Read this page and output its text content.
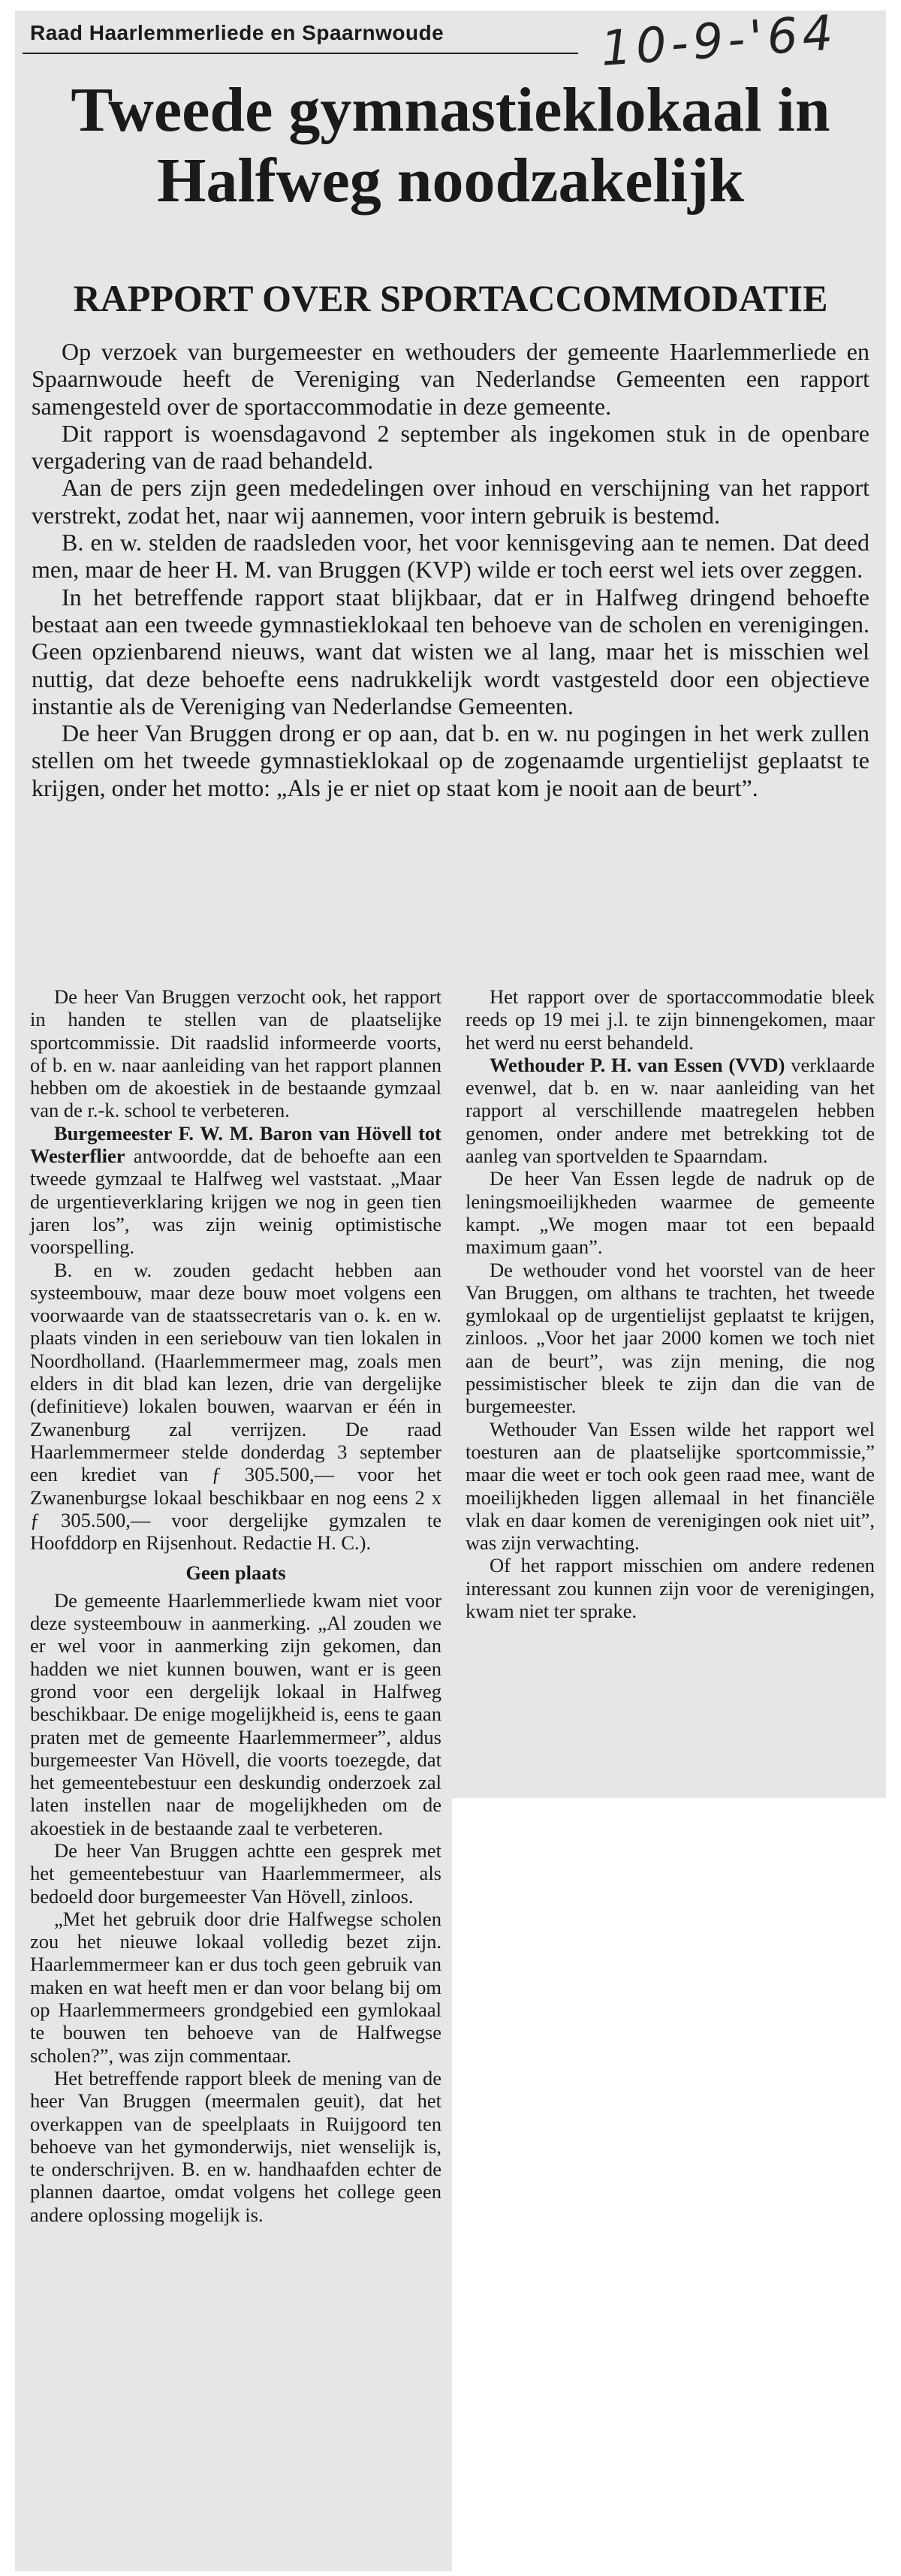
Raad Haarlemmerliede en Spaarnwoude	10-9-'64
Tweede gymnastieklokaal in Halfweg noodzakelijk
RAPPORT OVER SPORTACCOMMODATIE

Op verzoek van burgemeester en wethouders der gemeente Haarlemmerliede en Spaarnwoude heeft de Vereniging van Nederlandse Gemeenten een rapport samengesteld over de sportaccommodatie in deze gemeente.

Dit rapport is woensdagavond 2 september als ingekomen stuk in de openbare vergadering van de raad behandeld.

Aan de pers zijn geen mededelingen over inhoud en verschijning van het rapport verstrekt, zodat het, naar wij aannemen, voor intern gebruik is bestemd.

B. en w. stelden de raadsleden voor, het voor kennisgeving aan te nemen. Dat deed men, maar de heer H. M. van Bruggen (KVP) wilde er toch eerst wel iets over zeggen.

In het betreffende rapport staat blijkbaar, dat er in Halfweg dringend behoefte bestaat aan een tweede gymnastieklokaal ten behoeve van de scholen en verenigingen. Geen opzienbarend nieuws, want dat wisten we al lang, maar het is misschien wel nuttig, dat deze behoefte eens nadrukkelijk wordt vastgesteld door een objectieve instantie als de Vereniging van Nederlandse Gemeenten.

De heer Van Bruggen drong er op aan, dat b. en w. nu pogingen in het werk zullen stellen om het tweede gymnastieklokaal op de zogenaamde urgentielijst geplaatst te krijgen, onder het motto: „Als je er niet op staat kom je nooit aan de beurt”.

De heer Van Bruggen verzocht ook, het rapport in handen te stellen van de plaatselijke sportcommissie. Dit raadslid informeerde voorts, of b. en w. naar aanleiding van het rapport plannen hebben om de akoestiek in de bestaande gymzaal van de r.-k. school te verbeteren.

Burgemeester F. W. M. Baron van Hövell tot Westerflier antwoordde, dat de behoefte aan een tweede gymzaal te Halfweg wel vaststaat. „Maar de urgentieverklaring krijgen we nog in geen tien jaren los”, was zijn weinig optimistische voorspelling.

B. en w. zouden gedacht hebben aan systeembouw, maar deze bouw moet volgens een voorwaarde van de staatssecretaris van o. k. en w. plaats vinden in een seriebouw van tien lokalen in Noordholland. (Haarlemmermeer mag, zoals men elders in dit blad kan lezen, drie van dergelijke (definitieve) lokalen bouwen, waarvan er één in Zwanenburg zal verrijzen. De raad Haarlemmermeer stelde donderdag 3 september een krediet van ƒ 305.500,— voor het Zwanenburgse lokaal beschikbaar en nog eens 2 x ƒ 305.500,— voor dergelijke gymzalen te Hoofddorp en Rijsenhout. Redactie H. C.).

Geen plaats

De gemeente Haarlemmerliede kwam niet voor deze systeembouw in aanmerking. „Al zouden we er wel voor in aanmerking zijn gekomen, dan hadden we niet kunnen bouwen, want er is geen grond voor een dergelijk lokaal in Halfweg beschikbaar. De enige mogelijkheid is, eens te gaan praten met de gemeente Haarlemmermeer”, aldus burgemeester Van Hövell, die voorts toezegde, dat het gemeentebestuur een deskundig onderzoek zal laten instellen naar de mogelijkheden om de akoestiek in de bestaande zaal te verbeteren.

De heer Van Bruggen achtte een gesprek met het gemeentebestuur van Haarlemmermeer, als bedoeld door burgemeester Van Hövell, zinloos.

„Met het gebruik door drie Halfwegse scholen zou het nieuwe lokaal volledig bezet zijn. Haarlemmermeer kan er dus toch geen gebruik van maken en wat heeft men er dan voor belang bij om op Haarlemmermeers grondgebied een gymlokaal te bouwen ten behoeve van de Halfwegse scholen?”, was zijn commentaar.

Het betreffende rapport bleek de mening van de heer Van Bruggen (meermalen geuit), dat het overkappen van de speelplaats in Ruijgoord ten behoeve van het gymonderwijs, niet wenselijk is, te onderschrijven. B. en w. handhaafden echter de plannen daartoe, omdat volgens het college geen andere oplossing mogelijk is.

Het rapport over de sportaccommodatie bleek reeds op 19 mei j.l. te zijn binnengekomen, maar het werd nu eerst behandeld.

Wethouder P. H. van Essen (VVD) verklaarde evenwel, dat b. en w. naar aanleiding van het rapport al verschillende maatregelen hebben genomen, onder andere met betrekking tot de aanleg van sportvelden te Spaarndam.

De heer Van Essen legde de nadruk op de leningsmoeilijkheden waarmee de gemeente kampt. „We mogen maar tot een bepaald maximum gaan”.

De wethouder vond het voorstel van de heer Van Bruggen, om althans te trachten, het tweede gymlokaal op de urgentielijst geplaatst te krijgen, zinloos. „Voor het jaar 2000 komen we toch niet aan de beurt”, was zijn mening, die nog pessimistischer bleek te zijn dan die van de burgemeester.

Wethouder Van Essen wilde het rapport wel toesturen aan de plaatselijke sportcommissie,” maar die weet er toch ook geen raad mee, want de moeilijkheden liggen allemaal in het financiële vlak en daar komen de verenigingen ook niet uit”, was zijn verwachting.

Of het rapport misschien om andere redenen interessant zou kunnen zijn voor de verenigingen, kwam niet ter sprake.
